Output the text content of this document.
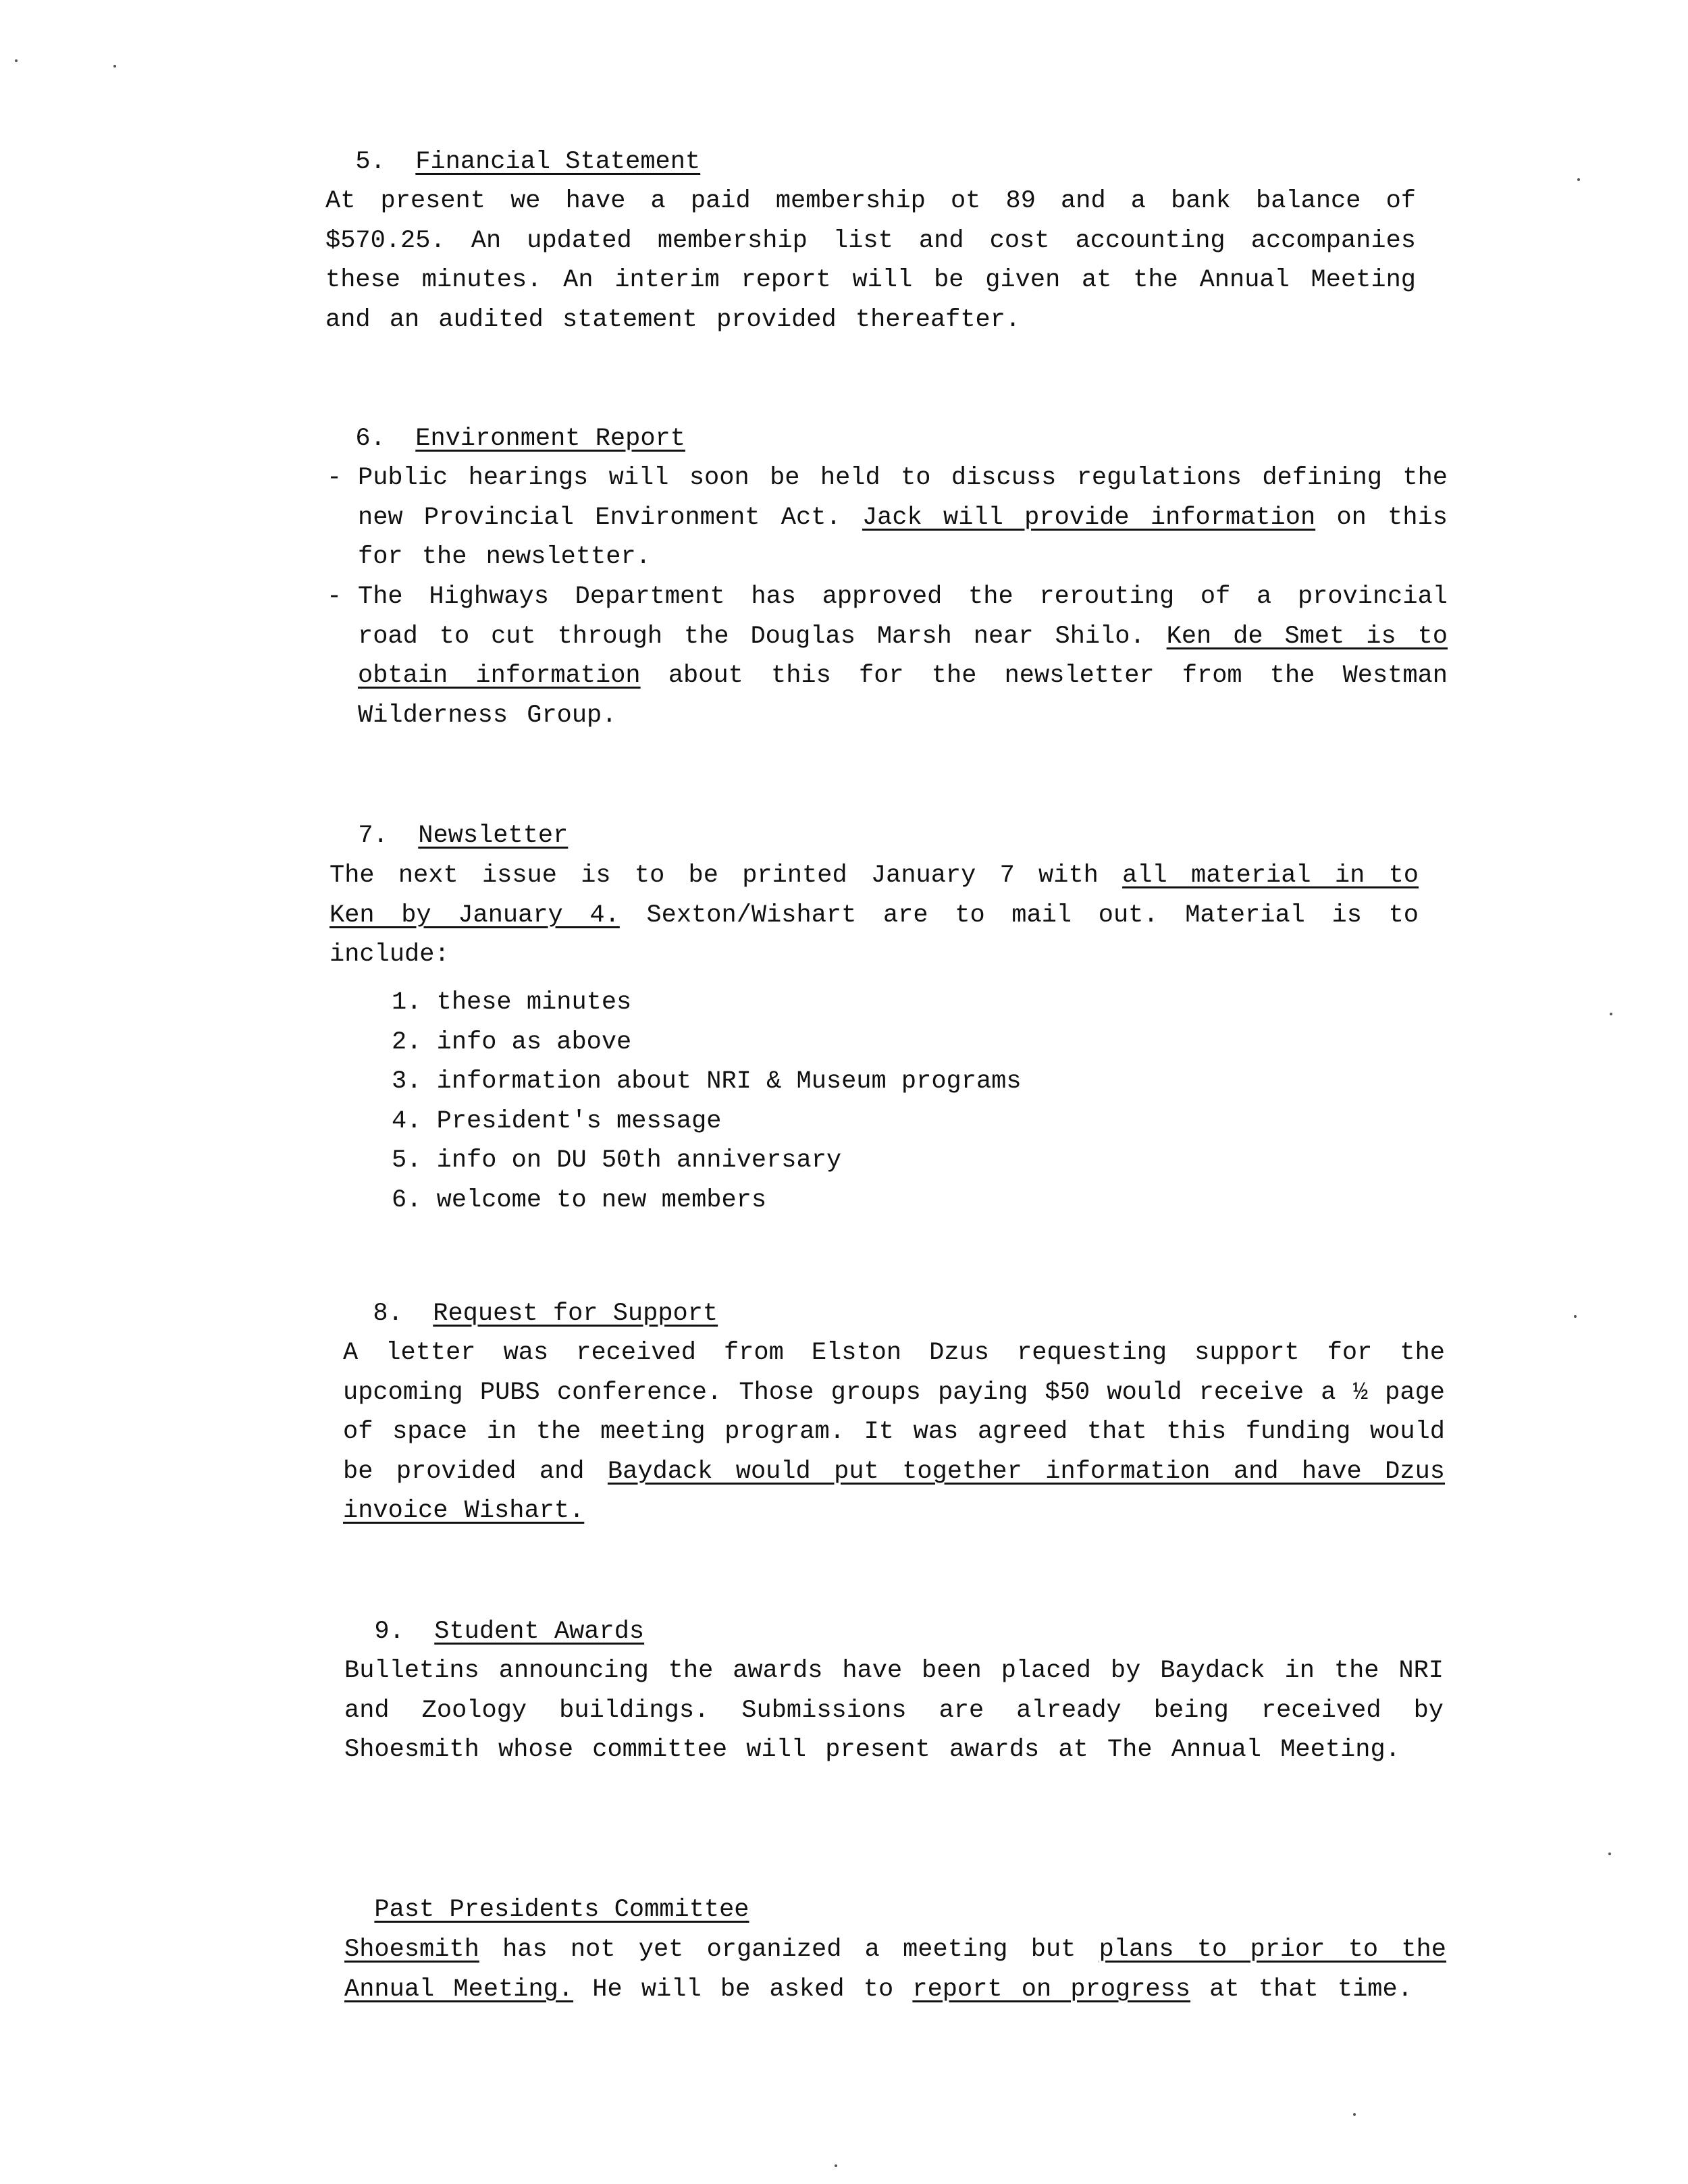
5. Financial Statement

At present we have a paid membership ot 89 and a bank balance of $570.25. An updated membership list and cost accounting accompanies these minutes. An interim report will be given at the Annual Meeting and an audited statement provided thereafter.

6. Environment Report

- Public hearings will soon be held to discuss regulations defining the new Provincial Environment Act. Jack will provide information on this for the newsletter.
- The Highways Department has approved the rerouting of a provincial road to cut through the Douglas Marsh near Shilo. Ken de Smet is to obtain information about this for the newsletter from the Westman Wilderness Group.

7. Newsletter

The next issue is to be printed January 7 with all material in to Ken by January 4. Sexton/Wishart are to mail out. Material is to include:
1. these minutes
2. info as above
3. information about NRI & Museum programs
4. President's message
5. info on DU 50th anniversary
6. welcome to new members

8. Request for Support

A letter was received from Elston Dzus requesting support for the upcoming PUBS conference. Those groups paying $50 would receive a ½ page of space in the meeting program. It was agreed that this funding would be provided and Baydack would put together information and have Dzus invoice Wishart.

9. Student Awards

Bulletins announcing the awards have been placed by Baydack in the NRI and Zoology buildings. Submissions are already being received by Shoesmith whose committee will present awards at The Annual Meeting.

Past Presidents Committee

Shoesmith has not yet organized a meeting but plans to prior to the Annual Meeting. He will be asked to report on progress at that time.
